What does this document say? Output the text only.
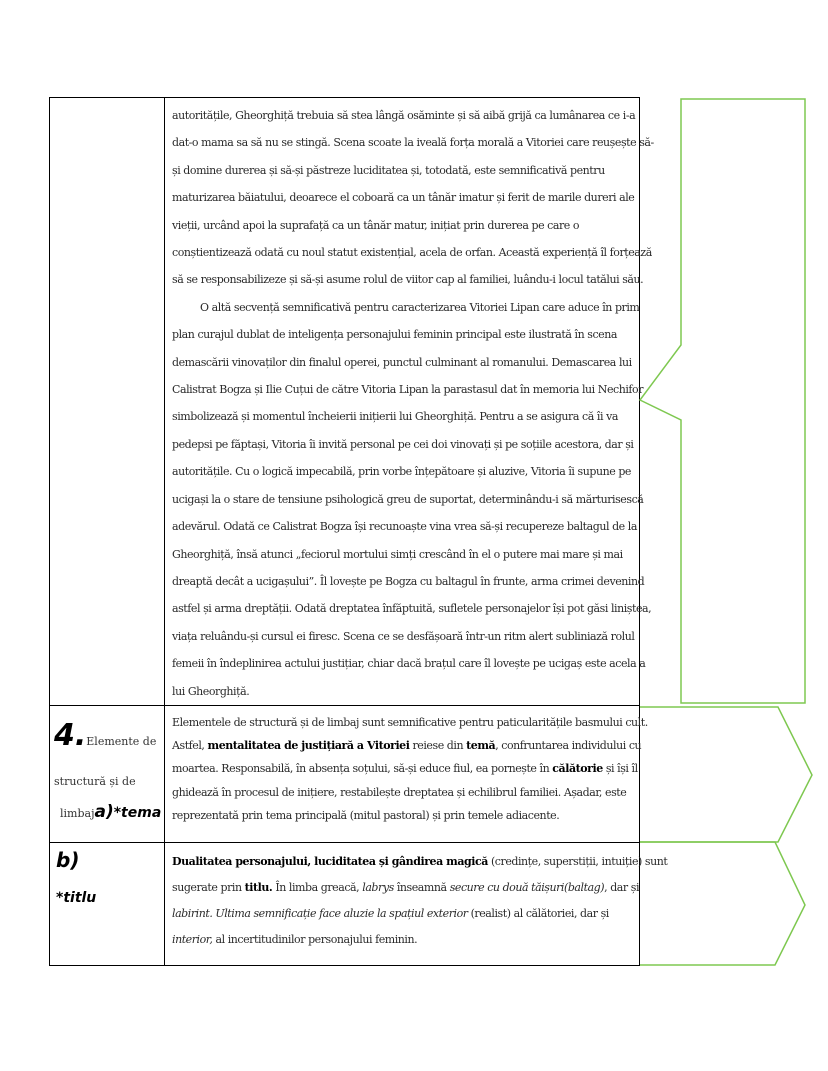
autoritățile, Gheorghiță trebuia să stea lângă osăminte și să aibă grijă ca lumânarea ce i-a
dat-o mama sa să nu se stingă. Scena scoate la iveală forța morală a Vitoriei care reușește să-
și domine durerea și să-și păstreze luciditatea și, totodată, este semnificativă pentru
maturizarea băiatului, deoarece el coboară ca un tânăr imatur și ferit de marile dureri ale
vieții, urcând apoi la suprafață ca un tânăr matur, inițiat prin durerea pe care o
conștientizează odată cu noul statut existențial, acela de orfan. Această experiență îl forțează
să se responsabilizeze și să-și asume rolul de viitor cap al familiei, luându-i locul tatălui său.
O altă secvență semnificativă pentru caracterizarea Vitoriei Lipan care aduce în prim
plan curajul dublat de inteligența personajului feminin principal este ilustrată în scena
demascării vinovaților din finalul operei, punctul culminant al romanului. Demascarea lui
Calistrat Bogza și Ilie Cuțui de către Vitoria Lipan la parastasul dat în memoria lui Nechifor
simbolizează și momentul încheierii inițierii lui Gheorghiță. Pentru a se asigura că îi va
pedepsi pe făptași, Vitoria îi invită personal pe cei doi vinovați și pe soțiile acestora, dar și
autoritățile. Cu o logică impecabilă, prin vorbe înțepătoare și aluzive, Vitoria îi supune pe
ucigași la o stare de tensiune psihologică greu de suportat, determinându-i să mărturisescă
adevărul. Odată ce Calistrat Bogza își recunoaște vina vrea să-și recupereze baltagul de la
Gheorghiță, însă atunci „feciorul mortului simți crescând în el o putere mai mare și mai
dreaptă decât a ucigașului”. Îl lovește pe Bogza cu baltagul în frunte, arma crimei devenind
astfel și arma dreptății. Odată dreptatea înfăptuită, sufletele personajelor își pot găsi liniștea,
viața reluându-și cursul ei firesc. Scena ce se desfășoară într-un ritm alert subliniază rolul
femeii în îndeplinirea actului justițiar, chiar dacă brațul care îl lovește pe ucigaș este acela a
lui Gheorghiță.
4.Elemente de
structură și de
limbaja)*tema
Elementele de structură și de limbaj sunt semnificative pentru paticularitățile basmului cult.
Astfel, mentalitatea de justițiară a Vitoriei reiese din temă, confruntarea individului cu
moartea. Responsabilă, în absența soțului, să-și educe fiul, ea pornește în călătorie și își îl
ghidează în procesul de inițiere, restabilește dreptatea și echilibrul familiei. Așadar, este
reprezentată prin tema principală (mitul pastoral) și prin temele adiacente.
b)
*titlu
Dualitatea personajului, luciditatea și gândirea magică (credințe, superstiții, intuiție) sunt
sugerate prin titlu. În limba greacă, labrys înseamnă secure cu două tăișuri(baltag), dar și
labirint. Ultima semnificație face aluzie la spațiul exterior (realist) al călătoriei, dar și
interior, al incertitudinilor personajului feminin.
